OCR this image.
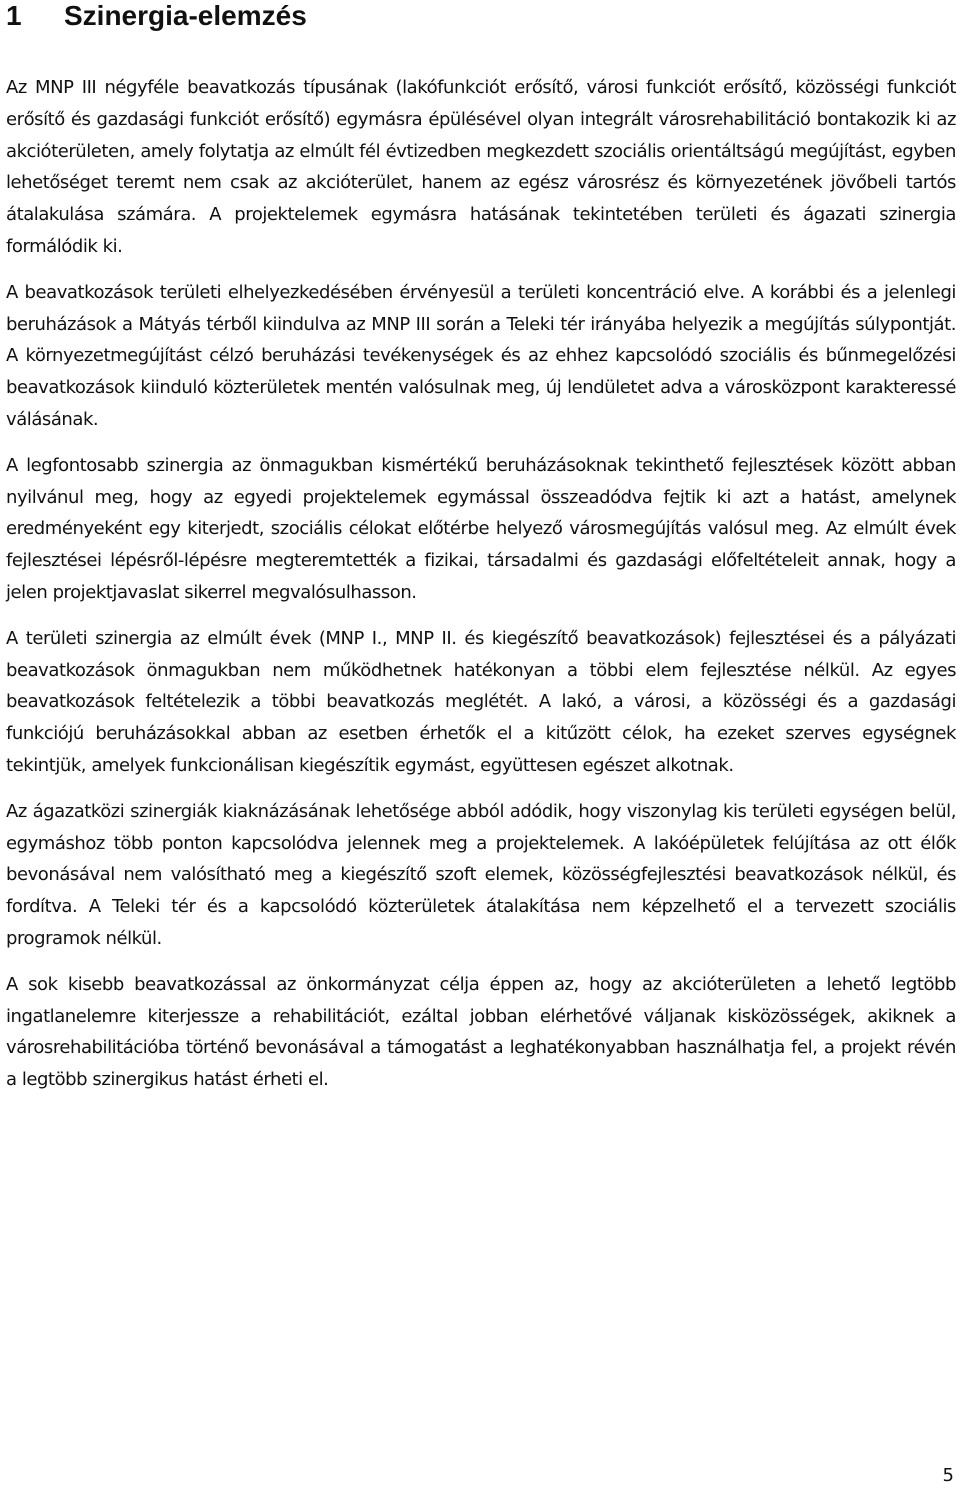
1 Szinergia-elemzés

Az MNP III négyféle beavatkozás típusának (lakófunkciót erősítő, városi funkciót erősítő, közösségi funkciót erősítő és gazdasági funkciót erősítő) egymásra épülésével olyan integrált városrehabilitáció bontakozik ki az akcióterületen, amely folytatja az elmúlt fél évtizedben megkezdett szociális orientáltságú megújítást, egyben lehetőséget teremt nem csak az akcióterület, hanem az egész városrész és környezetének jövőbeli tartós átalakulása számára. A projektelemek egymásra hatásának tekintetében területi és ágazati szinergia formálódik ki.

A beavatkozások területi elhelyezkedésében érvényesül a területi koncentráció elve. A korábbi és a jelenlegi beruházások a Mátyás térből kiindulva az MNP III során a Teleki tér irányába helyezik a megújítás súlypontját. A környezetmegújítást célzó beruházási tevékenységek és az ehhez kapcsolódó szociális és bűnmegelőzési beavatkozások kiinduló közterületek mentén valósulnak meg, új lendületet adva a városközpont karakteressé válásának.

A legfontosabb szinergia az önmagukban kismértékű beruházásoknak tekinthető fejlesztések között abban nyilvánul meg, hogy az egyedi projektelemek egymással összeadódva fejtik ki azt a hatást, amelynek eredményeként egy kiterjedt, szociális célokat előtérbe helyező városmegújítás valósul meg. Az elmúlt évek fejlesztései lépésről-lépésre megteremtették a fizikai, társadalmi és gazdasági előfeltételeit annak, hogy a jelen projektjavaslat sikerrel megvalósulhasson.

A területi szinergia az elmúlt évek (MNP I., MNP II. és kiegészítő beavatkozások) fejlesztései és a pályázati beavatkozások önmagukban nem működhetnek hatékonyan a többi elem fejlesztése nélkül. Az egyes beavatkozások feltételezik a többi beavatkozás meglétét. A lakó, a városi, a közösségi és a gazdasági funkciójú beruházásokkal abban az esetben érhetők el a kitűzött célok, ha ezeket szerves egységnek tekintjük, amelyek funkcionálisan kiegészítik egymást, együttesen egészet alkotnak.

Az ágazatközi szinergiák kiaknázásának lehetősége abból adódik, hogy viszonylag kis területi egységen belül, egymáshoz több ponton kapcsolódva jelennek meg a projektelemek. A lakóépületek felújítása az ott élők bevonásával nem valósítható meg a kiegészítő szoft elemek, közösségfejlesztési beavatkozások nélkül, és fordítva. A Teleki tér és a kapcsolódó közterületek átalakítása nem képzelhető el a tervezett szociális programok nélkül.

A sok kisebb beavatkozással az önkormányzat célja éppen az, hogy az akcióterületen a lehető legtöbb ingatlanelemre kiterjessze a rehabilitációt, ezáltal jobban elérhetővé váljanak kisközösségek, akiknek a városrehabilitációba történő bevonásával a támogatást a leghatékonyabban használhatja fel, a projekt révén a legtöbb szinergikus hatást érheti el.

5
